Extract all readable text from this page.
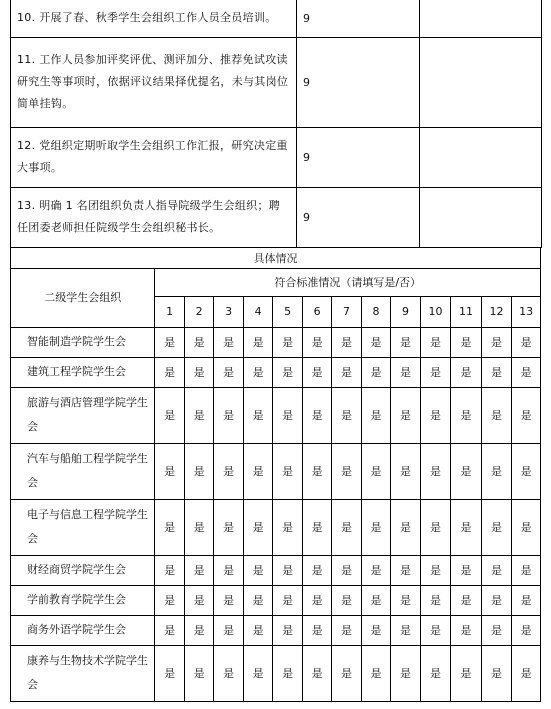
10. 开展了春、秋季学生会组织工作人员全员培训。	9	
11. 工作人员参加评奖评优、测评加分、推荐免试攻读研究生等事项时，依据评议结果择优提名，未与其岗位简单挂钩。	9	
12. 党组织定期听取学生会组织工作汇报，研究决定重大事项。	9	
13. 明确 1 名团组织负责人指导院级学生会组织；聘任团委老师担任院级学生会组织秘书长。	9	
具体情况													
二级学生会组织	符合标准情况（请填写是/否）												
	1	2	3	4	5	6	7	8	9	10	11	12	13
智能制造学院学生会	是	是	是	是	是	是	是	是	是	是	是	是	是
建筑工程学院学生会	是	是	是	是	是	是	是	是	是	是	是	是	是
旅游与酒店管理学院学生会	是	是	是	是	是	是	是	是	是	是	是	是	是
汽车与船舶工程学院学生会	是	是	是	是	是	是	是	是	是	是	是	是	是
电子与信息工程学院学生会	是	是	是	是	是	是	是	是	是	是	是	是	是
财经商贸学院学生会	是	是	是	是	是	是	是	是	是	是	是	是	是
学前教育学院学生会	是	是	是	是	是	是	是	是	是	是	是	是	是
商务外语学院学生会	是	是	是	是	是	是	是	是	是	是	是	是	是
康养与生物技术学院学生会	是	是	是	是	是	是	是	是	是	是	是	是	是
